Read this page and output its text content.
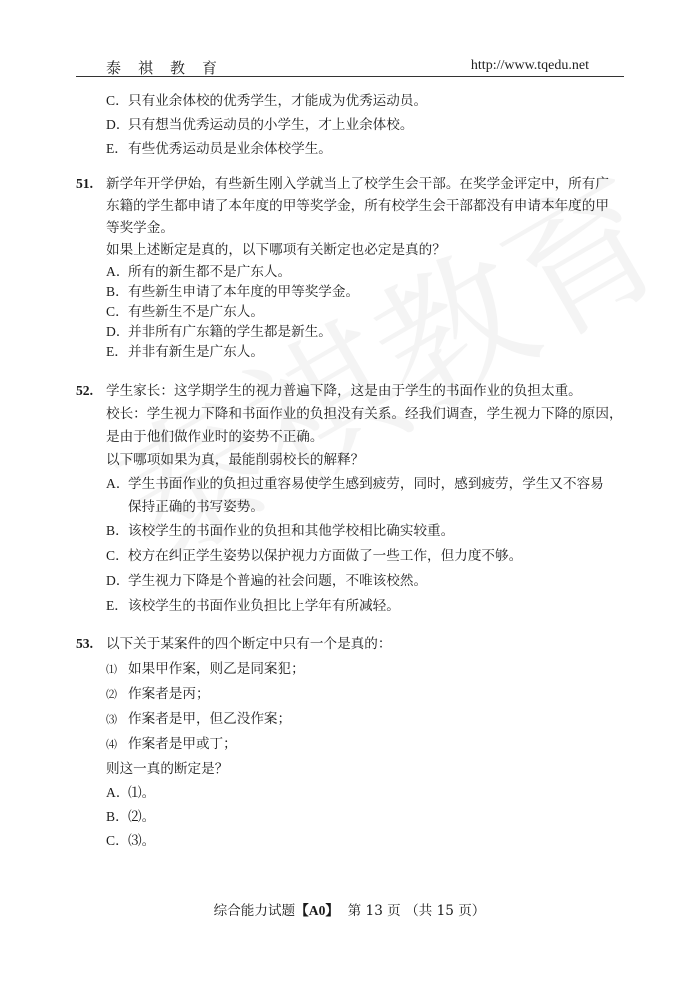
泰祺教育	http://www.tqedu.net
C．只有业余体校的优秀学生，才能成为优秀运动员。
D．只有想当优秀运动员的小学生，才上业余体校。
E．有些优秀运动员是业余体校学生。
51. 新学年开学伊始，有些新生刚入学就当上了校学生会干部。在奖学金评定中，所有广
东籍的学生都申请了本年度的甲等奖学金，所有校学生会干部都没有申请本年度的甲
等奖学金。
如果上述断定是真的，以下哪项有关断定也必定是真的？
A．所有的新生都不是广东人。
B．有些新生申请了本年度的甲等奖学金。
C．有些新生不是广东人。
D．并非所有广东籍的学生都是新生。
E．并非有新生是广东人。
52. 学生家长：这学期学生的视力普遍下降，这是由于学生的书面作业的负担太重。
校长：学生视力下降和书面作业的负担没有关系。经我们调查，学生视力下降的原因，
是由于他们做作业时的姿势不正确。
以下哪项如果为真，最能削弱校长的解释？
A．学生书面作业的负担过重容易使学生感到疲劳，同时，感到疲劳，学生又不容易
保持正确的书写姿势。
B．该校学生的书面作业的负担和其他学校相比确实较重。
C．校方在纠正学生姿势以保护视力方面做了一些工作，但力度不够。
D．学生视力下降是个普遍的社会问题，不唯该校然。
E．该校学生的书面作业负担比上学年有所减轻。
53. 以下关于某案件的四个断定中只有一个是真的：
⑴ 如果甲作案，则乙是同案犯；
⑵ 作案者是丙；
⑶ 作案者是甲，但乙没作案；
⑷ 作案者是甲或丁；
则这一真的断定是？
A．⑴。
B．⑵。
C．⑶。
综合能力试题【A0】 第 13 页 （共 15 页）
